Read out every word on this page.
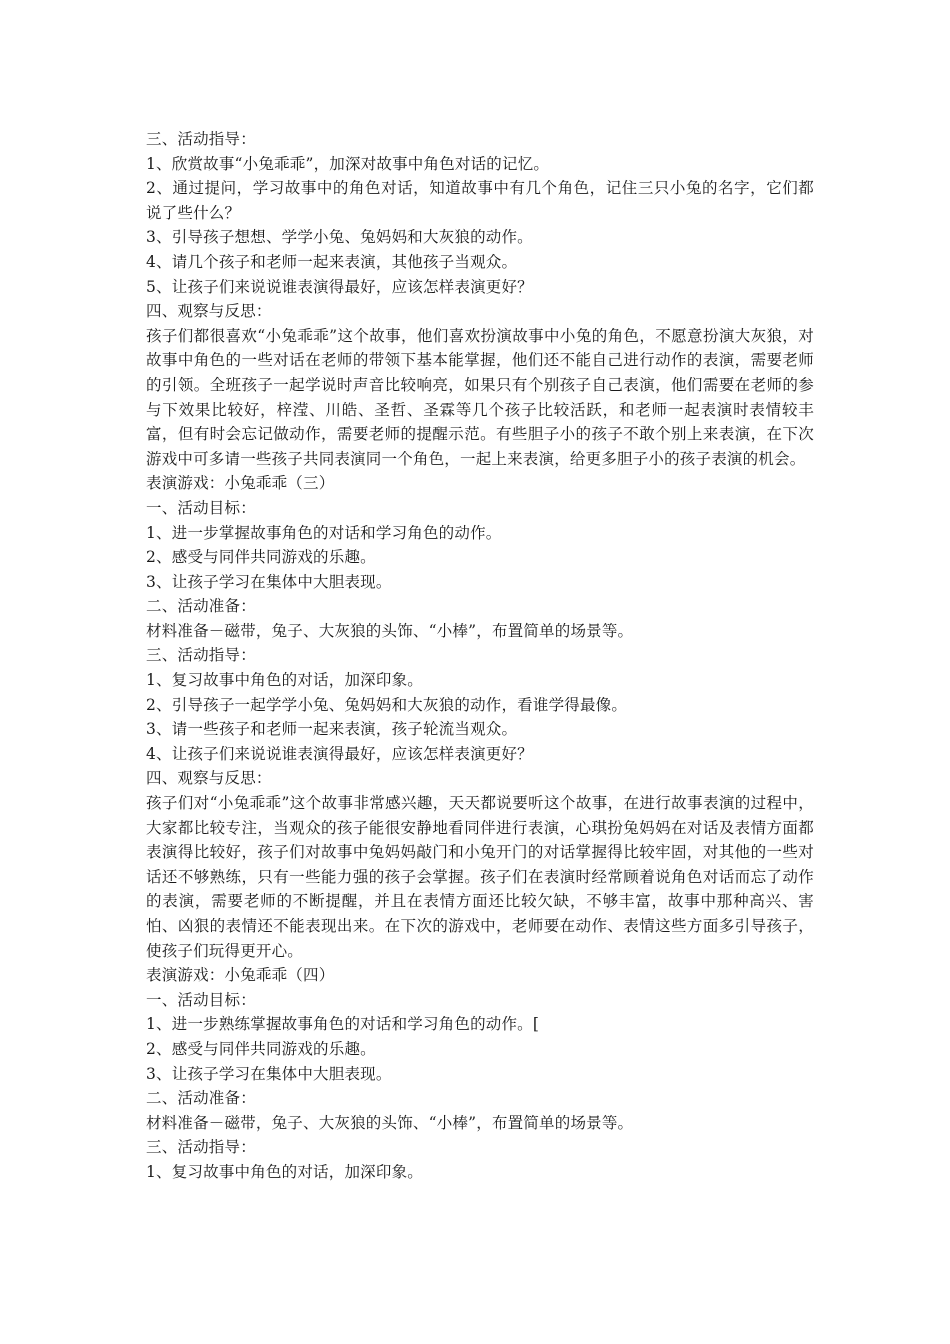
三、活动指导：
1、欣赏故事“小兔乖乖”，加深对故事中角色对话的记忆。

2、通过提问，学习故事中的角色对话，知道故事中有几个角色，记住三只小兔的名字，它们都说了些什么？

3、引导孩子想想、学学小兔、兔妈妈和大灰狼的动作。
4、请几个孩子和老师一起来表演，其他孩子当观众。
5、让孩子们来说说谁表演得最好，应该怎样表演更好？
四、观察与反思：

孩子们都很喜欢“小兔乖乖”这个故事，他们喜欢扮演故事中小兔的角色，不愿意扮演大灰狼，对故事中角色的一些对话在老师的带领下基本能掌握，他们还不能自己进行动作的表演，需要老师的引领。全班孩子一起学说时声音比较响亮，如果只有个别孩子自己表演，他们需要在老师的参与下效果比较好，梓滢、川皓、圣哲、圣霖等几个孩子比较活跃，和老师一起表演时表情较丰富，但有时会忘记做动作，需要老师的提醒示范。有些胆子小的孩子不敢个别上来表演，在下次游戏中可多请一些孩子共同表演同一个角色，一起上来表演，给更多胆子小的孩子表演的机会。

表演游戏：小兔乖乖（三）
一、活动目标：
1、进一步掌握故事角色的对话和学习角色的动作。
2、感受与同伴共同游戏的乐趣。
3、让孩子学习在集体中大胆表现。
二、活动准备：
材料准备－磁带，兔子、大灰狼的头饰、“小棒”，布置简单的场景等。
三、活动指导：
1、复习故事中角色的对话，加深印象。
2、引导孩子一起学学小兔、兔妈妈和大灰狼的动作，看谁学得最像。
3、请一些孩子和老师一起来表演，孩子轮流当观众。
4、让孩子们来说说谁表演得最好，应该怎样表演更好？
四、观察与反思：

孩子们对“小兔乖乖”这个故事非常感兴趣，天天都说要听这个故事，在进行故事表演的过程中，大家都比较专注，当观众的孩子能很安静地看同伴进行表演，心琪扮兔妈妈在对话及表情方面都表演得比较好，孩子们对故事中兔妈妈敲门和小兔开门的对话掌握得比较牢固，对其他的一些对话还不够熟练，只有一些能力强的孩子会掌握。孩子们在表演时经常顾着说角色对话而忘了动作的表演，需要老师的不断提醒，并且在表情方面还比较欠缺，不够丰富，故事中那种高兴、害怕、凶狠的表情还不能表现出来。在下次的游戏中，老师要在动作、表情这些方面多引导孩子，使孩子们玩得更开心。

表演游戏：小兔乖乖（四）
一、活动目标：
1、进一步熟练掌握故事角色的对话和学习角色的动作。[
2、感受与同伴共同游戏的乐趣。
3、让孩子学习在集体中大胆表现。
二、活动准备：
材料准备－磁带，兔子、大灰狼的头饰、“小棒”，布置简单的场景等。
三、活动指导：
1、复习故事中角色的对话，加深印象。
